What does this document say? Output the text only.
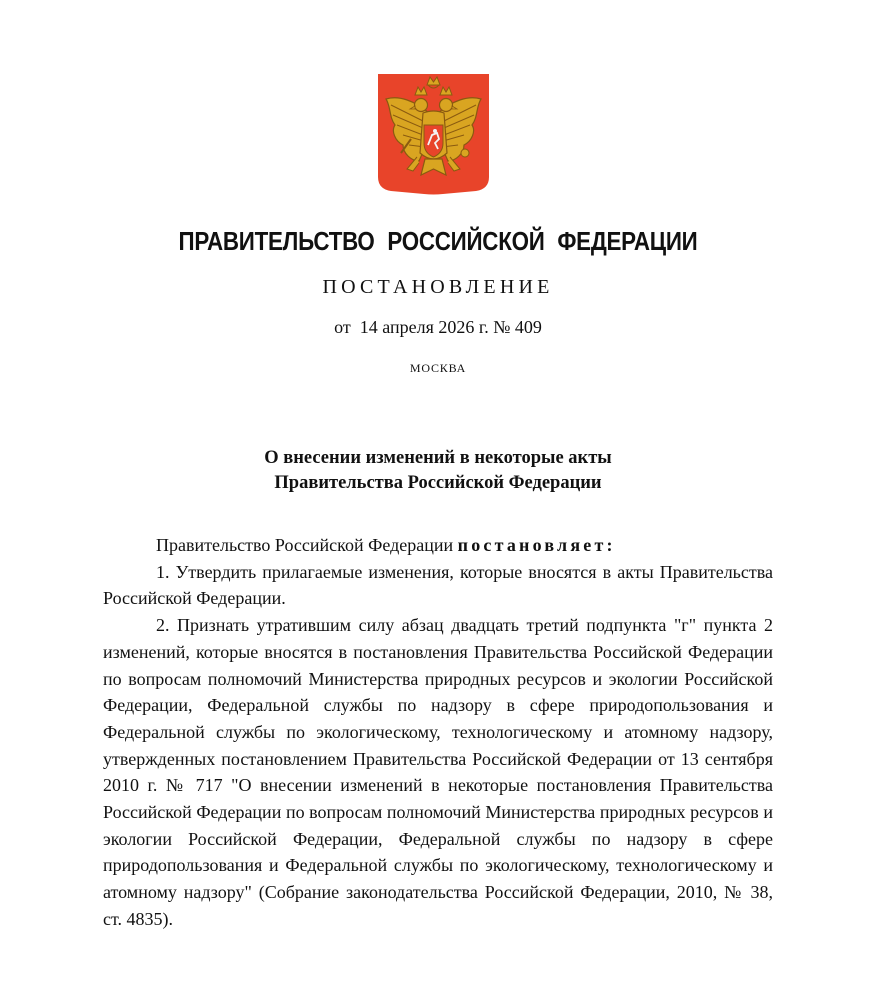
ПРАВИТЕЛЬСТВО РОССИЙСКОЙ ФЕДЕРАЦИИ
ПОСТАНОВЛЕНИЕ
от 14 апреля 2026 г. № 409
МОСКВА
О внесении изменений в некоторые акты
Правительства Российской Федерации

Правительство Российской Федерации постановляет:

1. Утвердить прилагаемые изменения, которые вносятся в акты Правительства Российской Федерации.

2. Признать утратившим силу абзац двадцать третий подпункта "г" пункта 2 изменений, которые вносятся в постановления Правительства Российской Федерации по вопросам полномочий Министерства природных ресурсов и экологии Российской Федерации, Федеральной службы по надзору в сфере природопользования и Федеральной службы по экологическому, технологическому и атомному надзору, утвержденных постановлением Правительства Российской Федерации от 13 сентября 2010 г. № 717 "О внесении изменений в некоторые постановления Правительства Российской Федерации по вопросам полномочий Министерства природных ресурсов и экологии Российской Федерации, Федеральной службы по надзору в сфере природопользования и Федеральной службы по экологическому, технологическому и атомному надзору" (Собрание законодательства Российской Федерации, 2010, № 38, ст. 4835).
